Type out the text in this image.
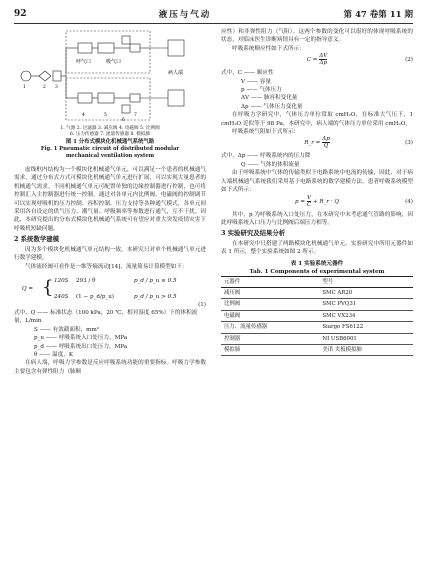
92	液压与气动	第 47 卷第 11 期
呼气口	吸气口
病人端
1	2 3
4	5
6
7
1. 气源 2. 过滤器 3. 减压阀 4. 电磁阀 5. 比例阀
6. 压力传感器 7. 流量传感器 8. 模拟肺
图 1 分布式模块化机械通气系统气路
Fig. 1 Pneumatic circuit of distributed modular
mechanical ventilation system

虚线框内结构为一个模块化机械通气单元，可以满足一个患者的机械通气需求，通过分布式方式可模块化机械通气单元进行扩展，可以实现大量患者的机械通气需求。不同机械通气单元可配置单独的边缘控制器进行控制，也可将控制汇入主控制器进行统一控制。通过对各单元内比例阀、电磁阀的控制调节可以实现呼吸机的压力控制、容积控制、压力支持等各种通气模式，各单元间采用各自设定的供气压力、潮气量、呼吸频率等参数进行通气，互不干扰。因此，本研究提出的分布式模块化机械通气系统可有望应对重大突发疫情灾害下呼吸机短缺问题。

2 系统数学建模

因为多个模块化机械通气单元结构一致，本研究只对单个机械通气单元进行数学建模。

气体流经阀可看作是一维等熵流动[14]，流量简易计算模型如下：

Q = { 120S 293 / θ	p_d / p_u ≤ 0.5
240S (1 − p_d/p_u)	p_d / p_u > 0.5
(1)
式中，Q —— 标准状态（100 kPa，20 ℃，相对湿度 65%）下的体积流量，L/min
S —— 有效截面积，mm²
p_u —— 呼吸系统入口处压力，MPa
p_d —— 呼吸系统出口处压力，MPa
θ —— 温度，K

在病人端，呼吸力学参数是反应呼吸系统功能的重要指标。呼吸力学参数主要包含有弹性阻力（肺顺

应性）和非弹性阻力（气阻）。这两个参数的变化可以很好的体现呼吸系统的状态，对临床医生诊断病情具有一定的指导意义。

呼吸系统顺应性如下式所示：

$C = \frac{\Delta V}{\Delta p}$	(2)
式中，C —— 顺应性
V —— 容量
p —— 气体压力
ΔV —— 肺容积变化量
Δp —— 气体压力变化量

在呼吸力学研究中，气体压力单位常取 cmH₂O，在标准大气压下，1 cmH₂O 近似等于 98 Pa，本研究中，病人端的气体压力单位采用 cmH₂O。

呼吸系统气阻如下式所示：

R_r = $\frac{\Delta p}{Q}$	(3)
式中，Δp —— 呼吸系统内的压力降
Q —— 气体的体积流量

由于呼吸系统中气体的传输类似于电路系统中电流的传输，因此，对于病人端机械通气系统我们采用基于电路系统的数学建模方法。患者呼吸系统模型如下式所示：

$p = \frac{V}{C}$ + R_r · Q	(4)

其中，p 为呼吸系统入口处压力。在本研究中未考虑通气管路的影响，因此呼吸系统入口压力与比例阀后端压力相等。

3 实验研究及结果分析

在本研究中只搭建了两路模块化机械通气单元，实验研究中所用元器件如表 1 所示，整个实验系统如图 2 所示。

表 1 实验系统元器件
Tab. 1 Components of experimental system
元器件	型号
减压阀	SMC AR20
比例阀	SMC PVQ31
电磁阀	SMC VX234
压力、流量传感器	Siargo FS6122
控制器	NI USB6001
模拟肺	美诺 夹板模拟肺
